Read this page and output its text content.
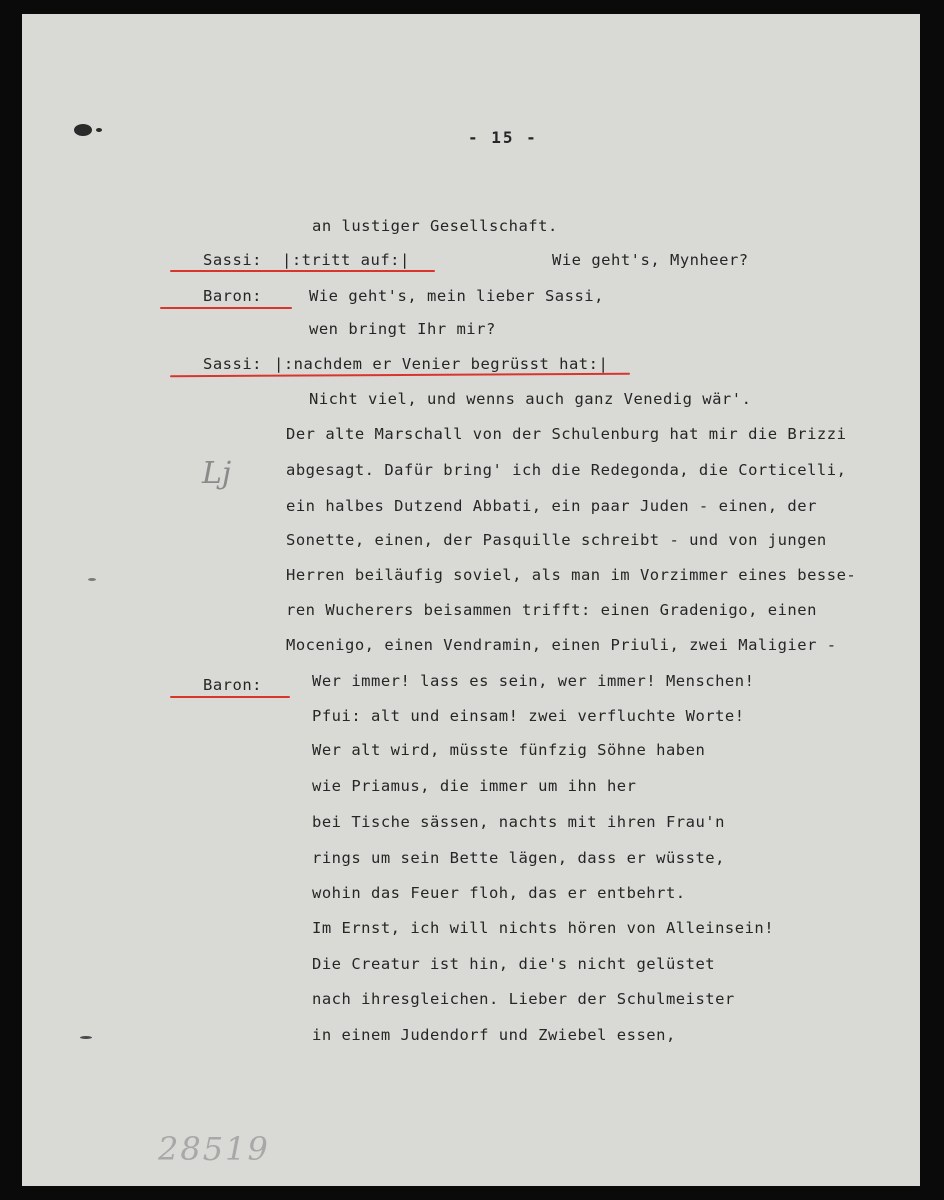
- 15 -
an lustiger Gesellschaft.
Sassi: |:tritt auf:|	Wie geht's, Mynheer?
Baron:	Wie geht's, mein lieber Sassi,
wen bringt Ihr mir?
Sassi: |:nachdem er Venier begrüsst hat:|
Nicht viel, und wenns auch ganz Venedig wär'.
Der alte Marschall von der Schulenburg hat mir die Brizzi
abgesagt. Dafür bring' ich die Redegonda, die Corticelli,
ein halbes Dutzend Abbati, ein paar Juden - einen, der
Sonette, einen, der Pasquille schreibt - und von jungen
Herren beiläufig soviel, als man im Vorzimmer eines besse-
ren Wucherers beisammen trifft: einen Gradenigo, einen
Mocenigo, einen Vendramin, einen Priuli, zwei Maligier -
Lj
Baron:	Wer immer! lass es sein, wer immer! Menschen!
Pfui: alt und einsam! zwei verfluchte Worte!
Wer alt wird, müsste fünfzig Söhne haben
wie Priamus, die immer um ihn her
bei Tische sässen, nachts mit ihren Frau'n
rings um sein Bette lägen, dass er wüsste,
wohin das Feuer floh, das er entbehrt.
Im Ernst, ich will nichts hören von Alleinsein!
Die Creatur ist hin, die's nicht gelüstet
nach ihresgleichen. Lieber der Schulmeister
in einem Judendorf und Zwiebel essen,
28519
